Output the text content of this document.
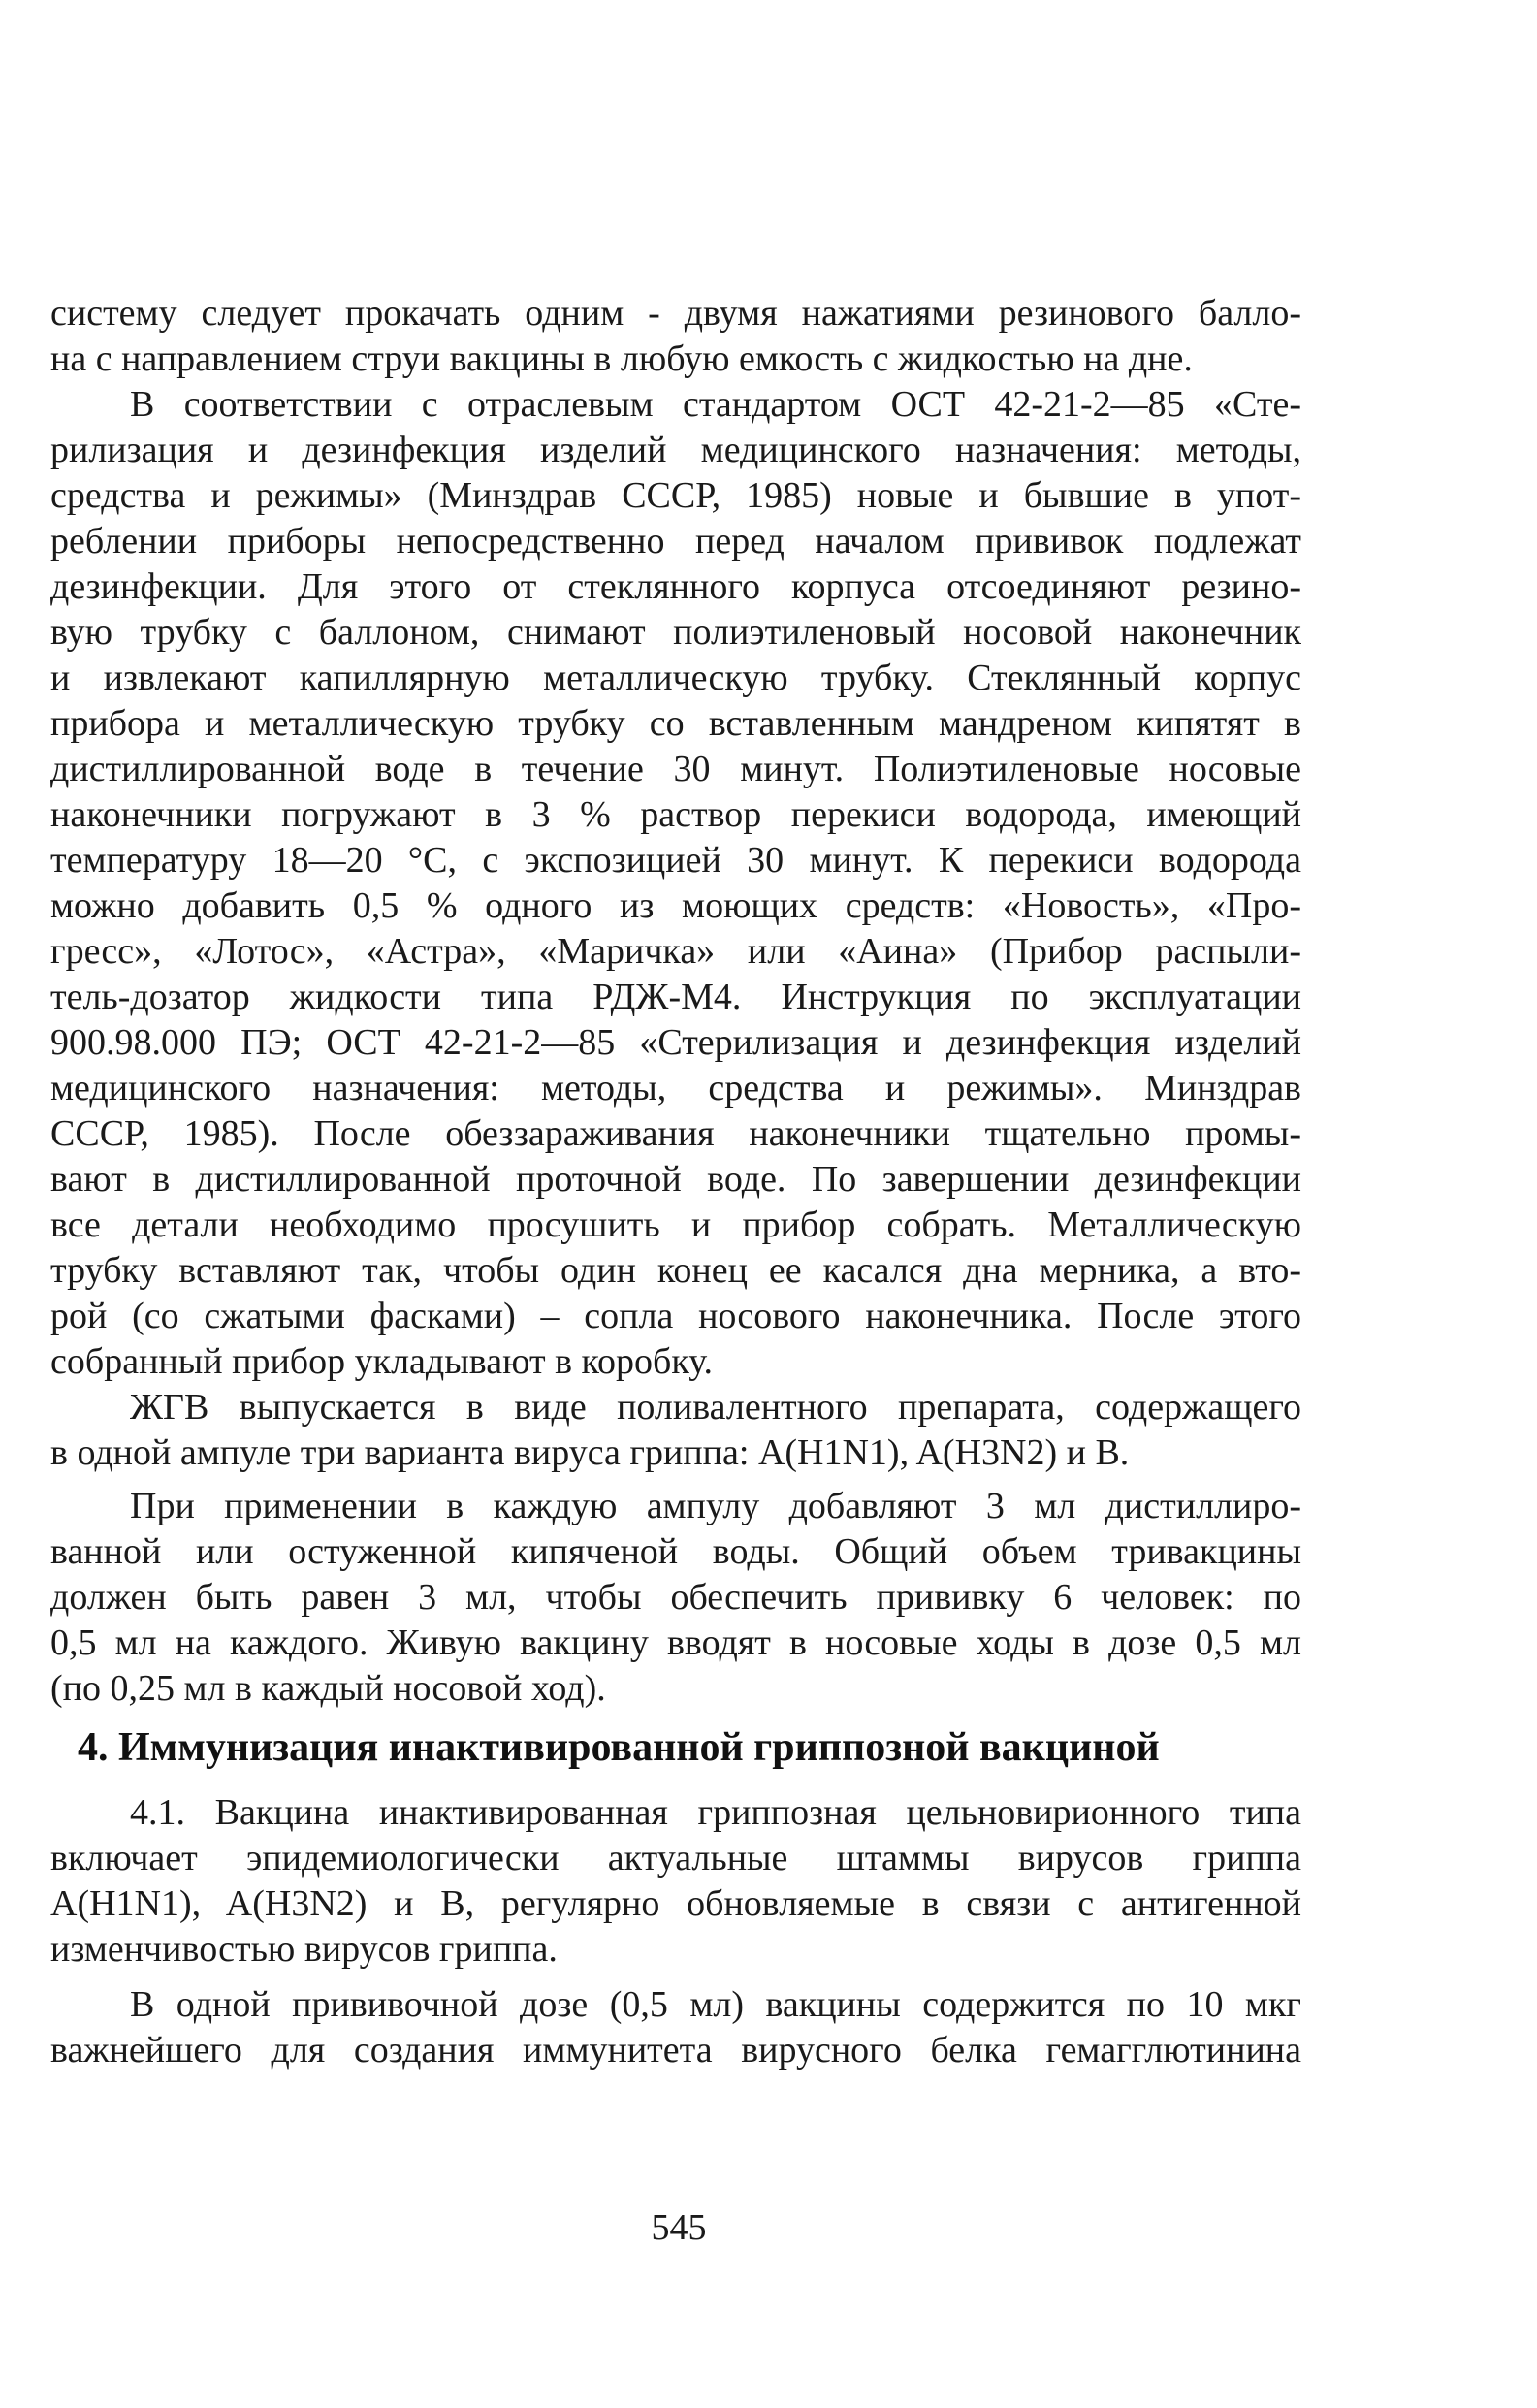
систему следует прокачать одним - двумя нажатиями резинового балло-
на с направлением струи вакцины в любую емкость с жидкостью на дне.
В соответствии с отраслевым стандартом ОСТ 42-21-2—85 «Сте-
рилизация и дезинфекция изделий медицинского назначения: методы,
средства и режимы» (Минздрав СССР, 1985) новые и бывшие в упот-
реблении приборы непосредственно перед началом прививок подлежат
дезинфекции. Для этого от стеклянного корпуса отсоединяют резино-
вую трубку с баллоном, снимают полиэтиленовый носовой наконечник
и извлекают капиллярную металлическую трубку. Стеклянный корпус
прибора и металлическую трубку со вставленным мандреном кипятят в
дистиллированной воде в течение 30 минут. Полиэтиленовые носовые
наконечники погружают в 3 % раствор перекиси водорода, имеющий
температуру 18—20 °С, с экспозицией 30 минут. К перекиси водорода
можно добавить 0,5 % одного из моющих средств: «Новость», «Про-
гресс», «Лотос», «Астра», «Маричка» или «Аина» (Прибор распыли-
тель-дозатор жидкости типа РДЖ-М4. Инструкция по эксплуатации
900.98.000 ПЭ; ОСТ 42-21-2—85 «Стерилизация и дезинфекция изделий
медицинского назначения: методы, средства и режимы». Минздрав
СССР, 1985). После обеззараживания наконечники тщательно промы-
вают в дистиллированной проточной воде. По завершении дезинфекции
все детали необходимо просушить и прибор собрать. Металлическую
трубку вставляют так, чтобы один конец ее касался дна мерника, а вто-
рой (со сжатыми фасками) – сопла носового наконечника. После этого
собранный прибор укладывают в коробку.
ЖГВ выпускается в виде поливалентного препарата, содержащего
в одной ампуле три варианта вируса гриппа: A(H1N1), A(H3N2) и B.
При применении в каждую ампулу добавляют 3 мл дистиллиро-
ванной или остуженной кипяченой воды. Общий объем тривакцины
должен быть равен 3 мл, чтобы обеспечить прививку 6 человек: по
0,5 мл на каждого. Живую вакцину вводят в носовые ходы в дозе 0,5 мл
(по 0,25 мл в каждый носовой ход).
4. Иммунизация инактивированной гриппозной вакциной
4.1. Вакцина инактивированная гриппозная цельновирионного типа
включает эпидемиологически актуальные штаммы вирусов гриппа
A(H1N1), A(H3N2) и B, регулярно обновляемые в связи с антигенной
изменчивостью вирусов гриппа.
В одной прививочной дозе (0,5 мл) вакцины содержится по 10 мкг
важнейшего для создания иммунитета вирусного белка гемагглютинина
545
